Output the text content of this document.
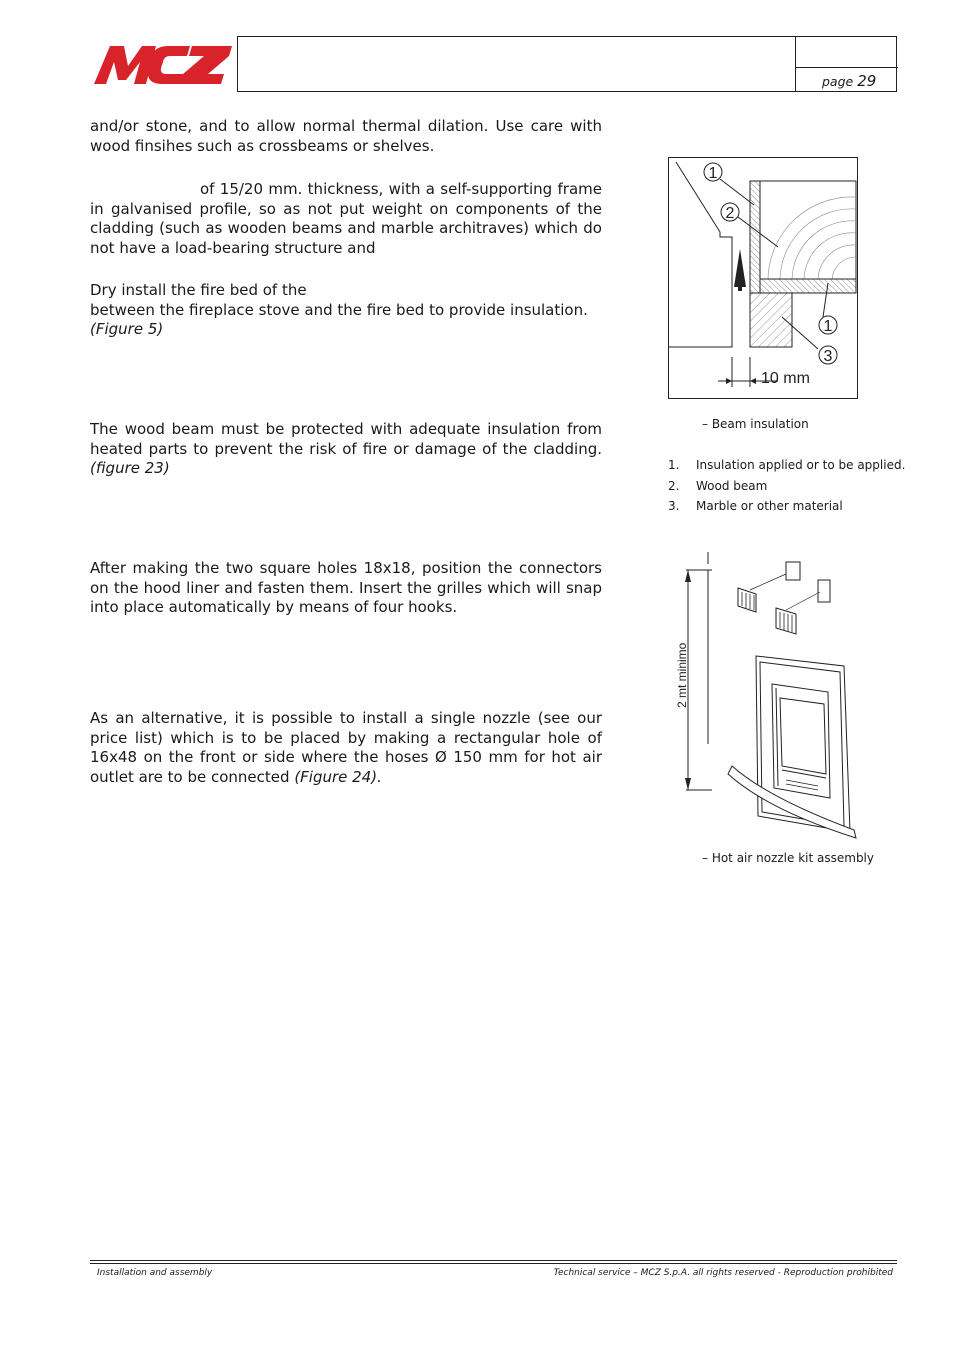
MCZ
page 29

and/or stone, and to allow normal thermal dilation. Use care with wood finsihes such as crossbeams or shelves.

of 15/20 mm. thickness, with a self-supporting frame in galvanised profile, so as not put weight on components of the cladding (such as wooden beams and marble architraves) which do not have a load-bearing structure and

Dry install the fire bed of the

between the fireplace stove and the fire bed to provide insulation.

(Figure 5)

The wood beam must be protected with adequate insulation from heated parts to prevent the risk of fire or damage of the cladding. (figure 23)

After making the two square holes 18x18, position the connectors on the hood liner and fasten them. Insert the grilles which will snap into place automatically by means of four hooks.

As an alternative, it is possible to install a single nozzle (see our price list) which is to be placed by making a rectangular hole of 16x48 on the front or side where the hoses Ø 150 mm for hot air outlet are to be connected (Figure 24).

10 mm
1
2
1
3
– Beam insulation
1. Insulation applied or to be applied.
2. Wood beam
3. Marble or other material
2 mt minimo
– Hot air nozzle kit assembly
Installation and assembly	Technical service – MCZ S.p.A. all rights reserved - Reproduction prohibited
